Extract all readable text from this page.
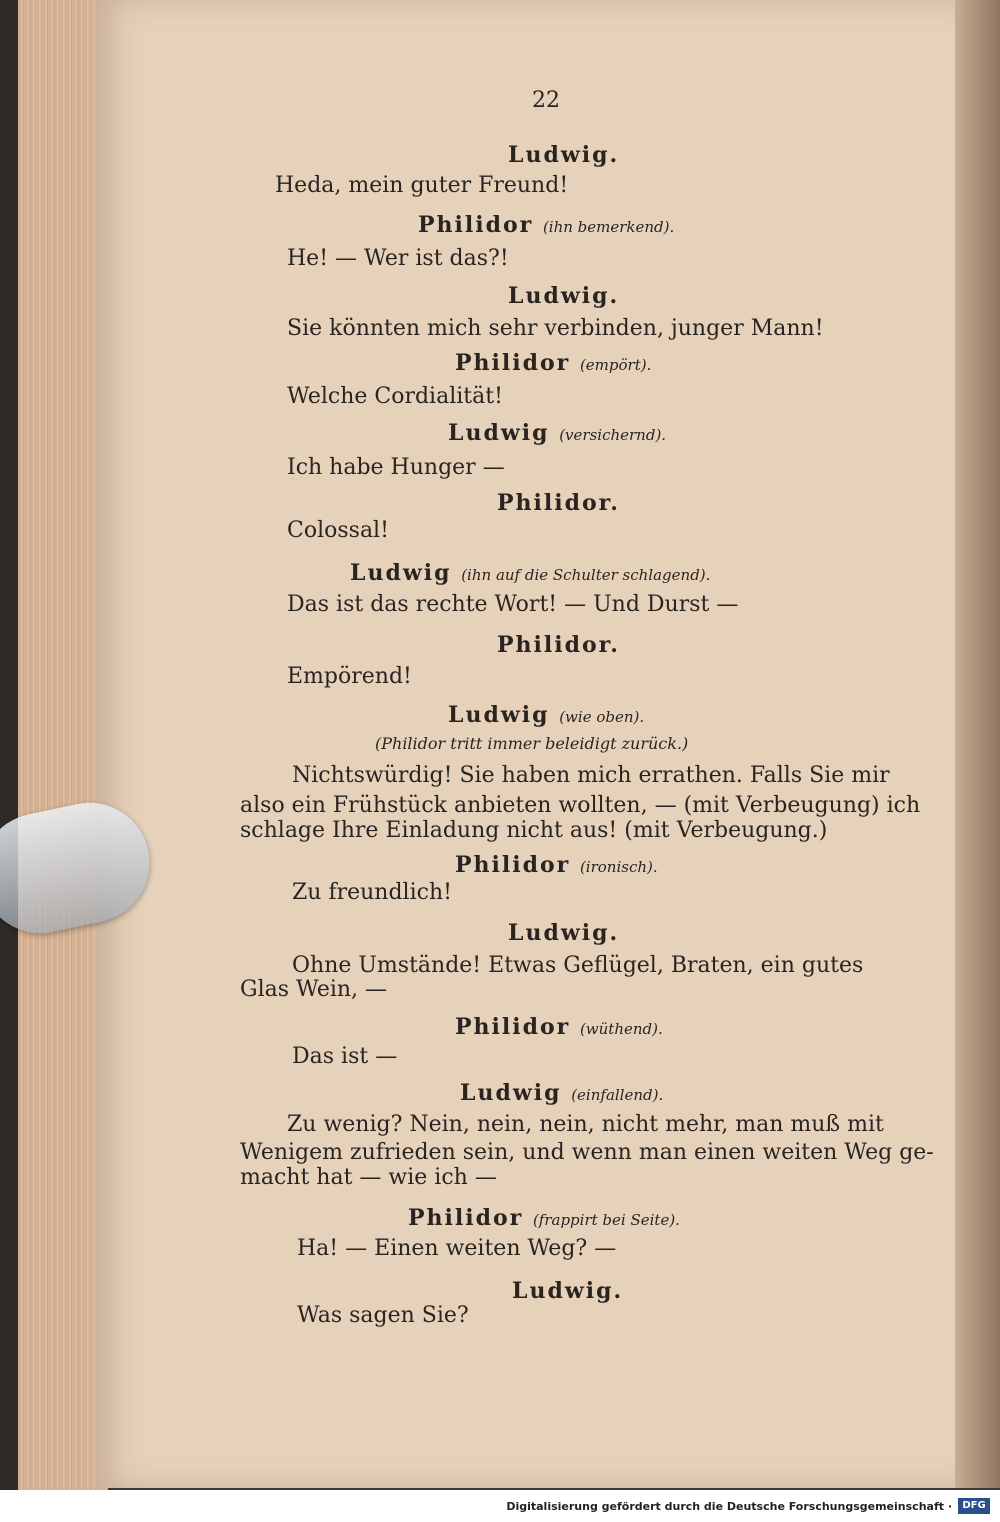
22
Ludwig.
Heda, mein guter Freund!
Philidor (ihn bemerkend).
He! — Wer ist das?!
Ludwig.
Sie könnten mich sehr verbinden, junger Mann!
Philidor (empört).
Welche Cordialität!
Ludwig (versichernd).
Ich habe Hunger —
Philidor.
Colossal!
Ludwig (ihn auf die Schulter schlagend).
Das ist das rechte Wort! — Und Durst —
Philidor.
Empörend!
Ludwig (wie oben).
(Philidor tritt immer beleidigt zurück.)
Nichtswürdig! Sie haben mich errathen. Falls Sie mir
also ein Frühstück anbieten wollten, — (mit Verbeugung) ich
schlage Ihre Einladung nicht aus! (mit Verbeugung.)
Philidor (ironisch).
Zu freundlich!
Ludwig.
Ohne Umstände! Etwas Geflügel, Braten, ein gutes
Glas Wein, —
Philidor (wüthend).
Das ist —
Ludwig (einfallend).
Zu wenig? Nein, nein, nein, nicht mehr, man muß mit
Wenigem zufrieden sein, und wenn man einen weiten Weg ge-
macht hat — wie ich —
Philidor (frappirt bei Seite).
Ha! — Einen weiten Weg? —
Ludwig.
Was sagen Sie?
Digitalisierung gefördert durch die Deutsche Forschungsgemeinschaft ·	DFG
